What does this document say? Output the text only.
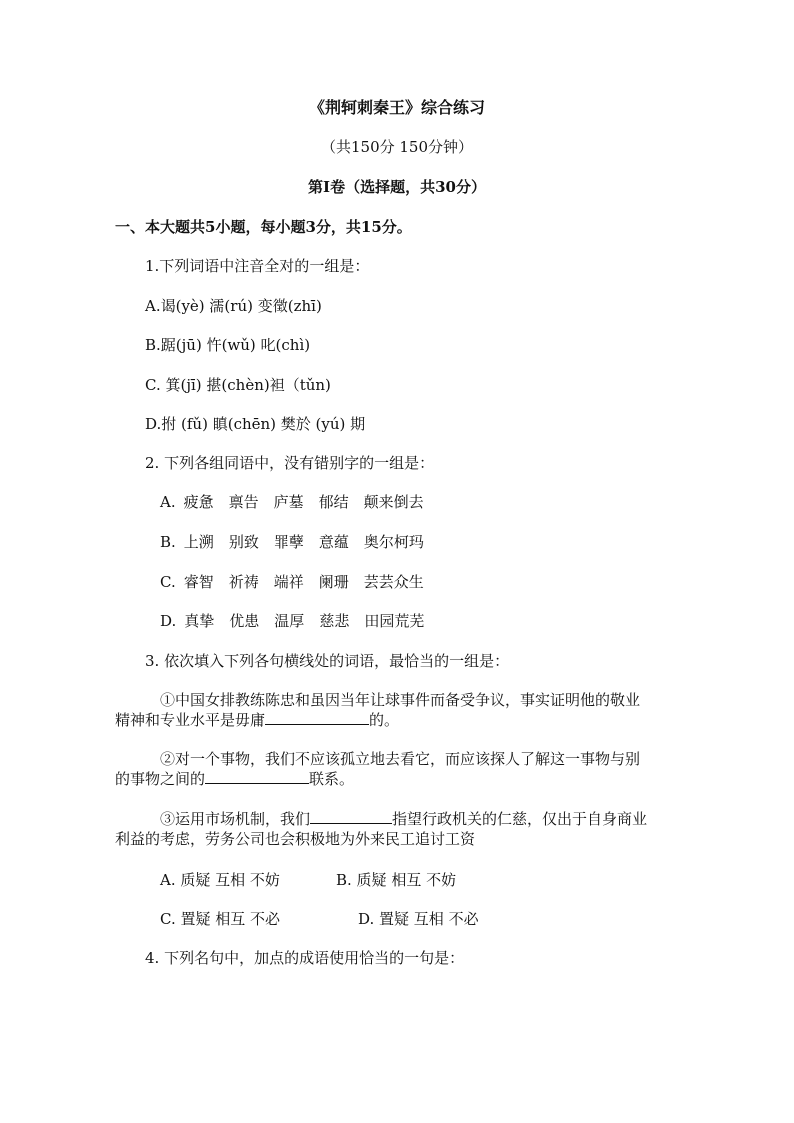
《荆轲刺秦王》综合练习
（共150分 150分钟）
第Ⅰ卷（选择题，共30分）
一、本大题共5小题，每小题3分，共15分。
1.下列词语中注音全对的一组是：
A.谒(yè) 濡(rú) 变徵(zhī)
B.踞(jū) 忤(wǔ) 叱(chì)
C. 箕(jī) 揕(chèn)袒（tǔn)
D.拊 (fǔ) 瞋(chēn) 樊於 (yú) 期
2. 下列各组同语中，没有错别字的一组是：
A. 疲惫 禀告 庐墓 郁结 颠来倒去
B. 上溯 别致 罪孽 意蕴 奥尔柯玛
C. 睿智 祈祷 端祥 阑珊 芸芸众生
D. 真挚 优患 温厚 慈悲 田园荒芜
3. 依次填入下列各句横线处的词语，最恰当的一组是：
①中国女排教练陈忠和虽因当年让球事件而备受争议，事实证明他的敬业
精神和专业水平是毋庸	的。
②对一个事物，我们不应该孤立地去看它，而应该探人了解这一事物与别
的事物之间的	联系。
③运用市场机制，我们	指望行政机关的仁慈，仅出于自身商业
利益的考虑，劳务公司也会积极地为外来民工追讨工资
A. 质疑 互相 不妨	B. 质疑 相互 不妨
C. 置疑 相互 不必	D. 置疑 互相 不必
4. 下列名句中，加点的成语使用恰当的一句是：
